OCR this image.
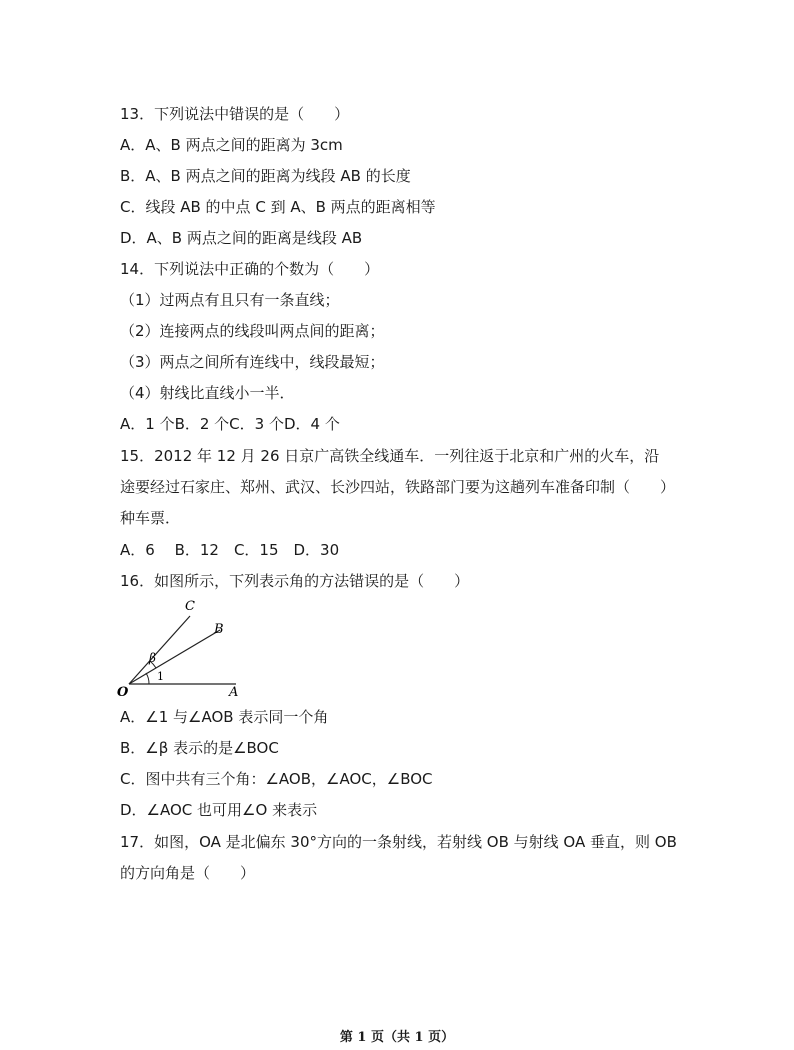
13．下列说法中错误的是（　　）
A．A、B 两点之间的距离为 3cm
B．A、B 两点之间的距离为线段 AB 的长度
C．线段 AB 的中点 C 到 A、B 两点的距离相等
D．A、B 两点之间的距离是线段 AB
14．下列说法中正确的个数为（　　）
（1）过两点有且只有一条直线；
（2）连接两点的线段叫两点间的距离；
（3）两点之间所有连线中，线段最短；
（4）射线比直线小一半．
A．1 个B．2 个C．3 个D．4 个
15．2012 年 12 月 26 日京广高铁全线通车．一列往返于北京和广州的火车，沿
途要经过石家庄、郑州、武汉、长沙四站，铁路部门要为这趟列车准备印制（　　）
种车票．
A．6　 B．12　C．15　D．30
16．如图所示，下列表示角的方法错误的是（　　）
C
B
O	A
β
1
A．∠1 与∠AOB 表示同一个角
B．∠β 表示的是∠BOC
C．图中共有三个角：∠AOB，∠AOC，∠BOC
D．∠AOC 也可用∠O 来表示
17．如图，OA 是北偏东 30°方向的一条射线，若射线 OB 与射线 OA 垂直，则 OB
的方向角是（　　）
第 1 页（共 1 页）
